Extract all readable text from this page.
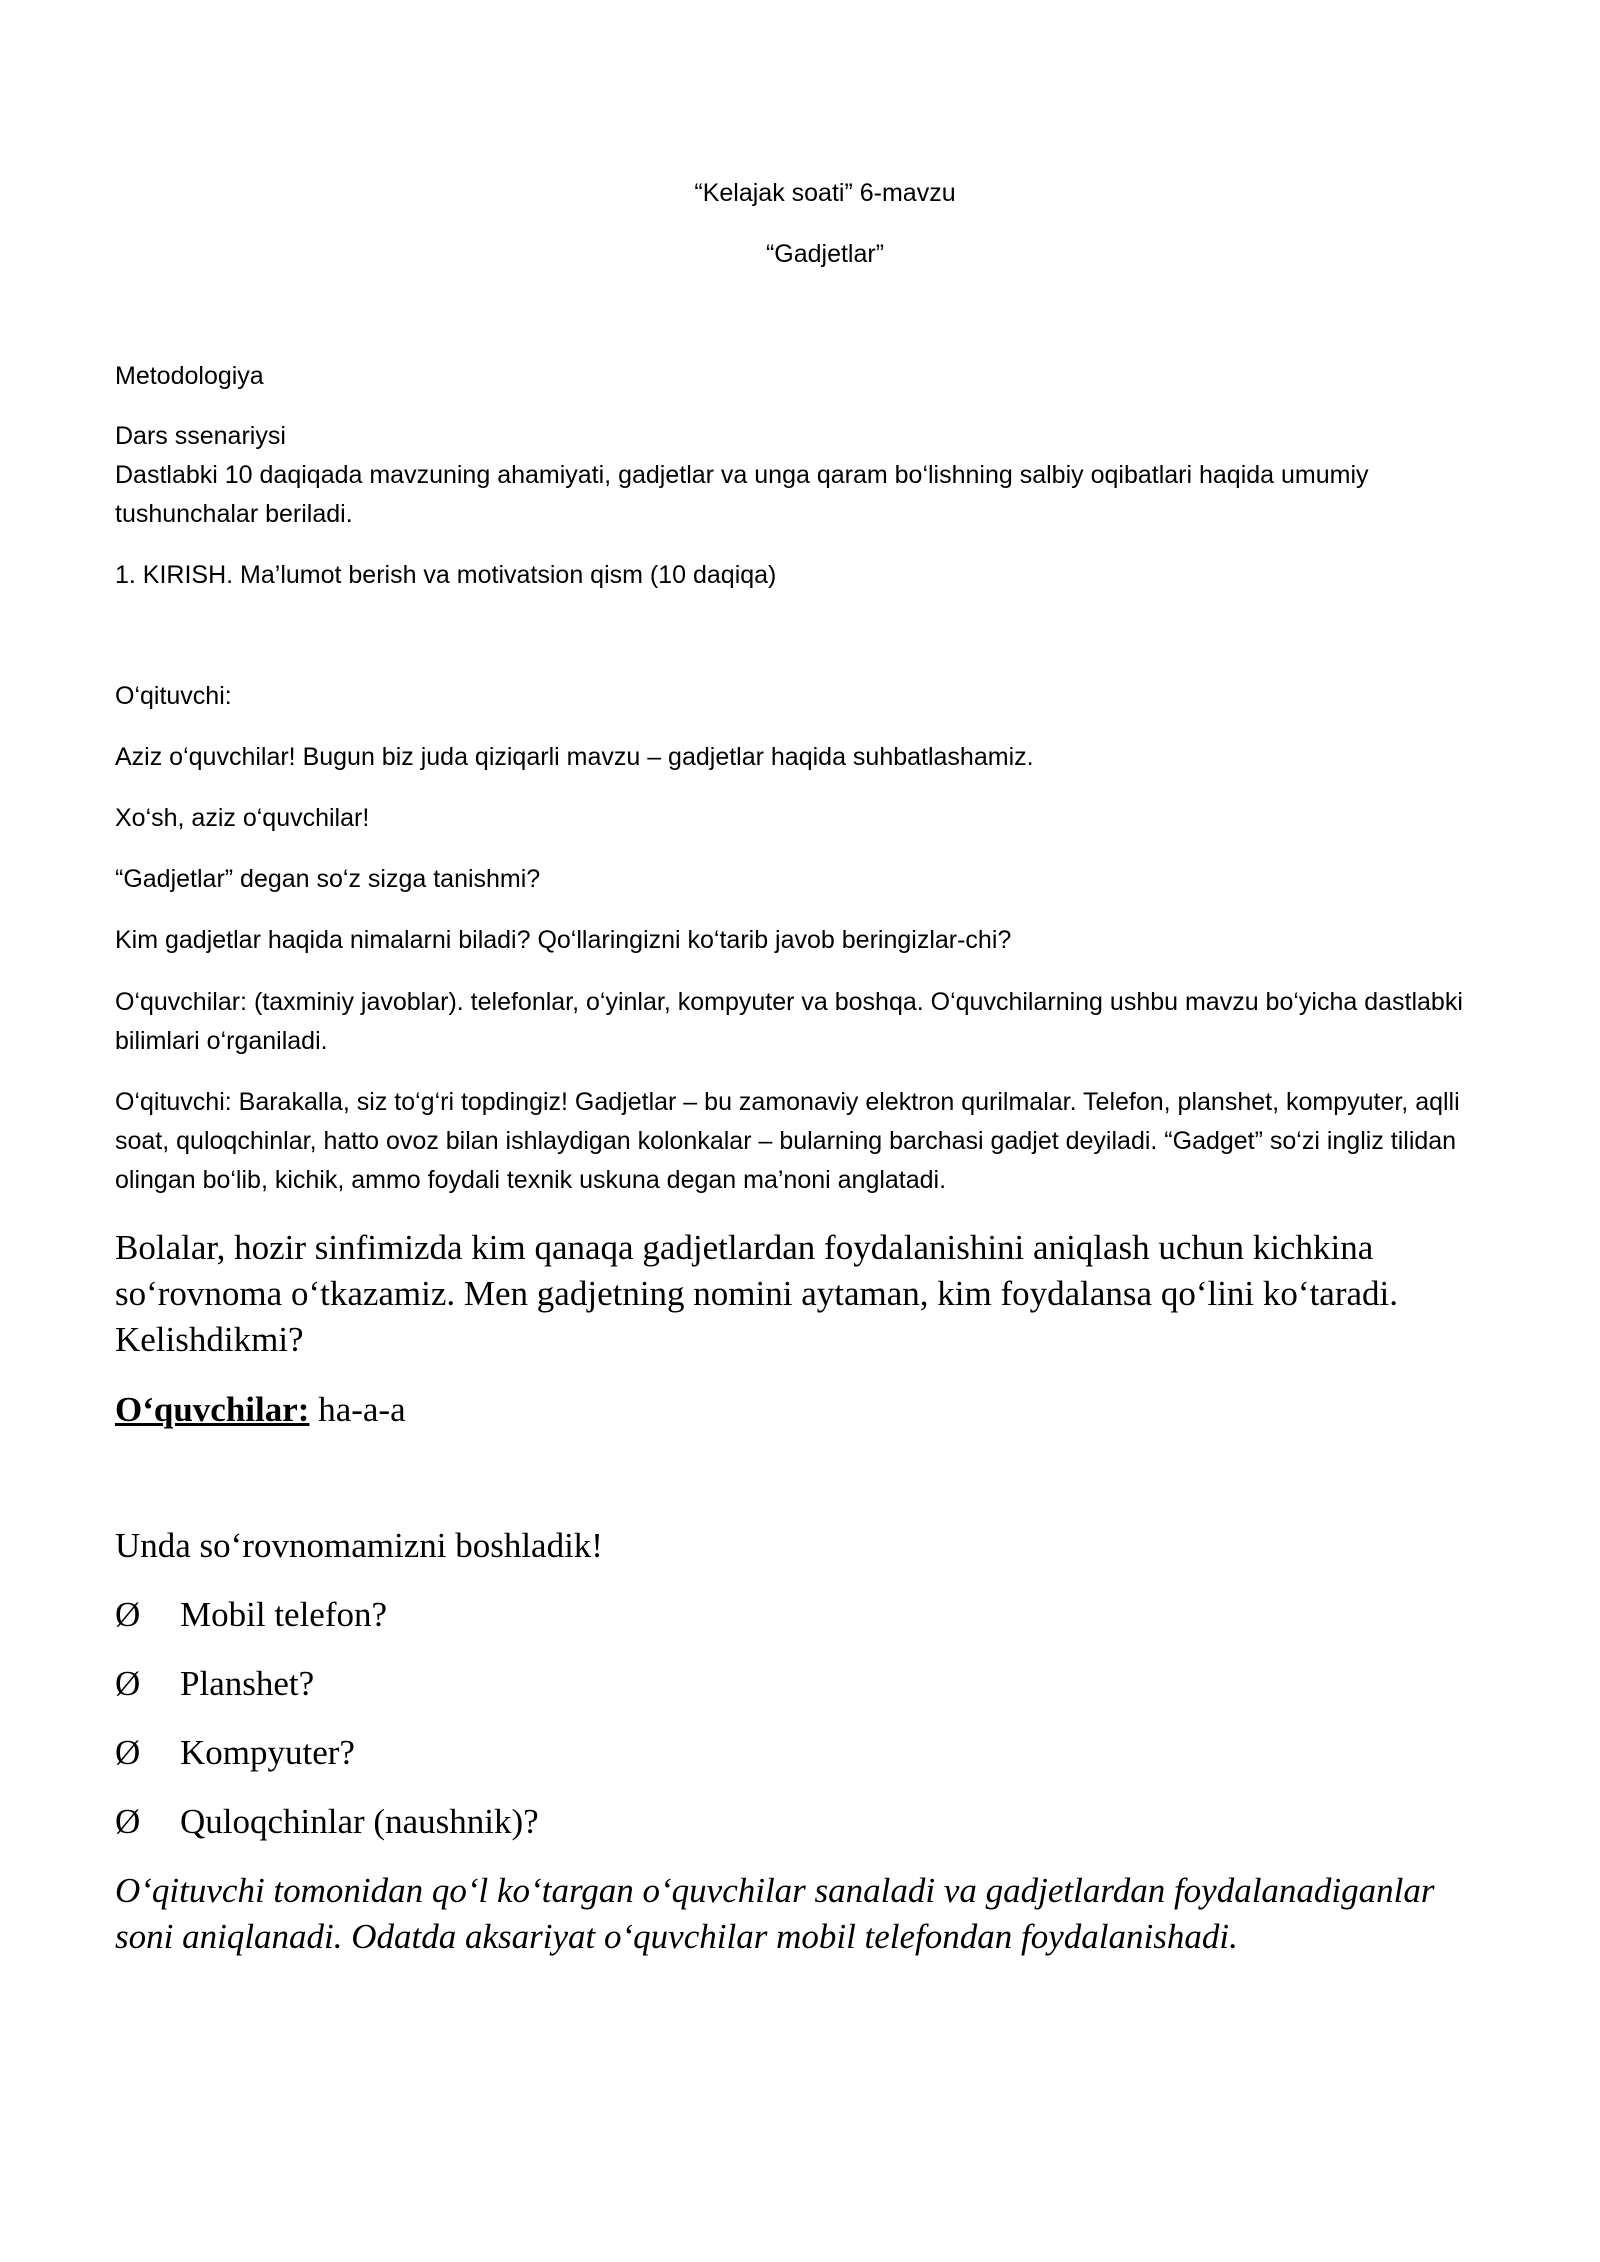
“Kelajak soati” 6-mavzu
“Gadjetlar”

Metodologiya

Dars ssenariysi

Dastlabki 10 daqiqada mavzuning ahamiyati, gadjetlar va unga qaram bo‘lishning salbiy oqibatlari haqida umumiy tushunchalar beriladi.

1. KIRISH. Ma’lumot berish va motivatsion qism (10 daqiqa)

O‘qituvchi:

Aziz o‘quvchilar! Bugun biz juda qiziqarli mavzu – gadjetlar haqida suhbatlashamiz.

Xo‘sh, aziz o‘quvchilar!

“Gadjetlar” degan so‘z sizga tanishmi?

Kim gadjetlar haqida nimalarni biladi? Qo‘llaringizni ko‘tarib javob beringizlar-chi?

O‘quvchilar: (taxminiy javoblar). telefonlar, o‘yinlar, kompyuter va boshqa. O‘quvchilarning ushbu mavzu bo‘yicha dastlabki bilimlari o‘rganiladi.

O‘qituvchi: Barakalla, siz to‘g‘ri topdingiz! Gadjetlar – bu zamonaviy elektron qurilmalar. Telefon, planshet, kompyuter, aqlli soat, quloqchinlar, hatto ovoz bilan ishlaydigan kolonkalar – bularning barchasi gadjet deyiladi. “Gadget” so‘zi ingliz tilidan olingan bo‘lib, kichik, ammo foydali texnik uskuna degan ma’noni anglatadi.

Bolalar, hozir sinfimizda kim qanaqa gadjetlardan foydalanishini aniqlash uchun kichkina so‘rovnoma o‘tkazamiz. Men gadjetning nomini aytaman, kim foydalansa qo‘lini ko‘taradi. Kelishdikmi?

O‘quvchilar: ha-a-a

Unda so‘rovnomamizni boshladik!

Ø Mobil telefon?
Ø Planshet?
Ø Kompyuter?
Ø Quloqchinlar (naushnik)?

O‘qituvchi tomonidan qo‘l ko‘targan o‘quvchilar sanaladi va gadjetlardan foydalanadiganlar soni aniqlanadi. Odatda aksariyat o‘quvchilar mobil telefondan foydalanishadi.
